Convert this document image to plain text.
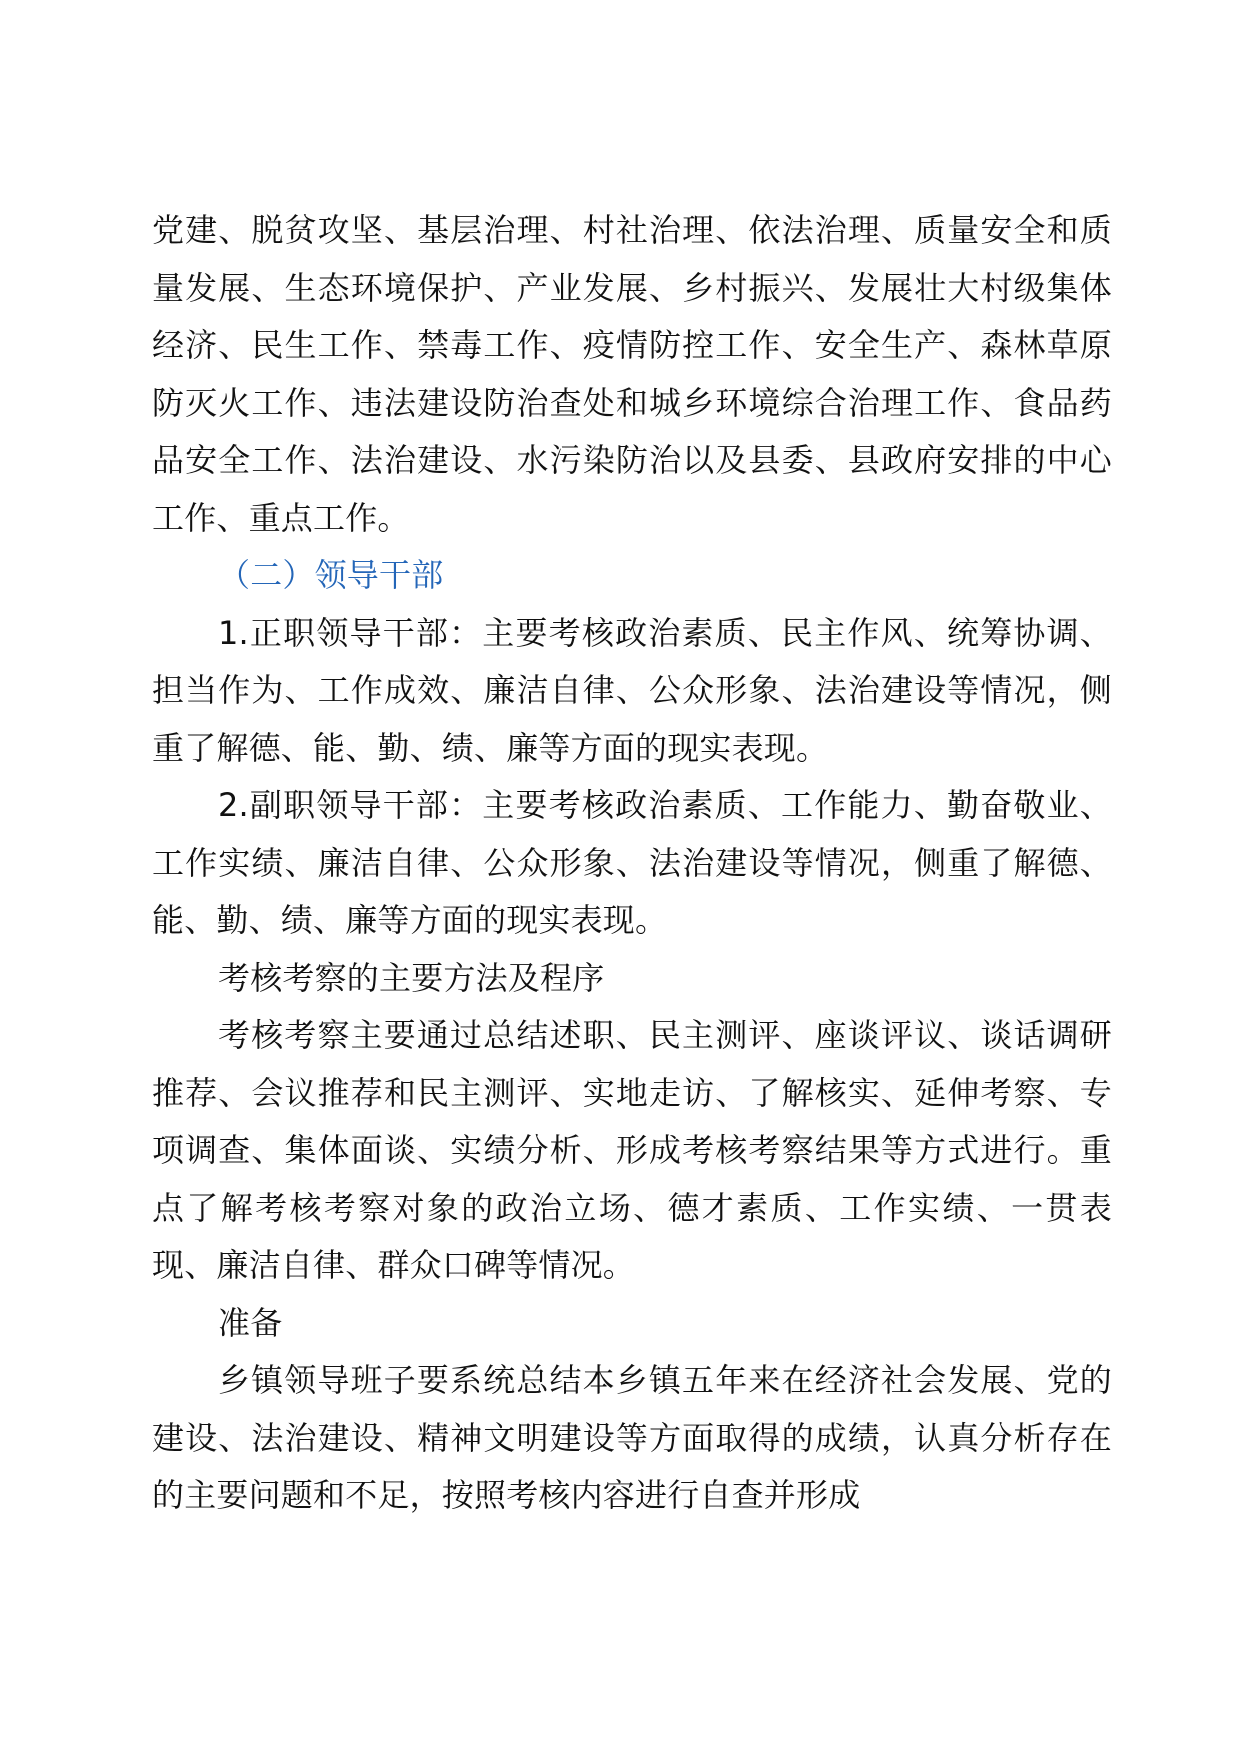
党建、脱贫攻坚、基层治理、村社治理、依法治理、质量安全和质量发展、生态环境保护、产业发展、乡村振兴、发展壮大村级集体经济、民生工作、禁毒工作、疫情防控工作、安全生产、森林草原防灭火工作、违法建设防治查处和城乡环境综合治理工作、食品药品安全工作、法治建设、水污染防治以及县委、县政府安排的中心工作、重点工作。

（二）领导干部

1.正职领导干部：主要考核政治素质、民主作风、统筹协调、担当作为、工作成效、廉洁自律、公众形象、法治建设等情况，侧重了解德、能、勤、绩、廉等方面的现实表现。

2.副职领导干部：主要考核政治素质、工作能力、勤奋敬业、工作实绩、廉洁自律、公众形象、法治建设等情况，侧重了解德、能、勤、绩、廉等方面的现实表现。

考核考察的主要方法及程序

考核考察主要通过总结述职、民主测评、座谈评议、谈话调研推荐、会议推荐和民主测评、实地走访、了解核实、延伸考察、专项调查、集体面谈、实绩分析、形成考核考察结果等方式进行。重点了解考核考察对象的政治立场、德才素质、工作实绩、一贯表现、廉洁自律、群众口碑等情况。

准备

乡镇领导班子要系统总结本乡镇五年来在经济社会发展、党的建设、法治建设、精神文明建设等方面取得的成绩，认真分析存在的主要问题和不足，按照考核内容进行自查并形成
